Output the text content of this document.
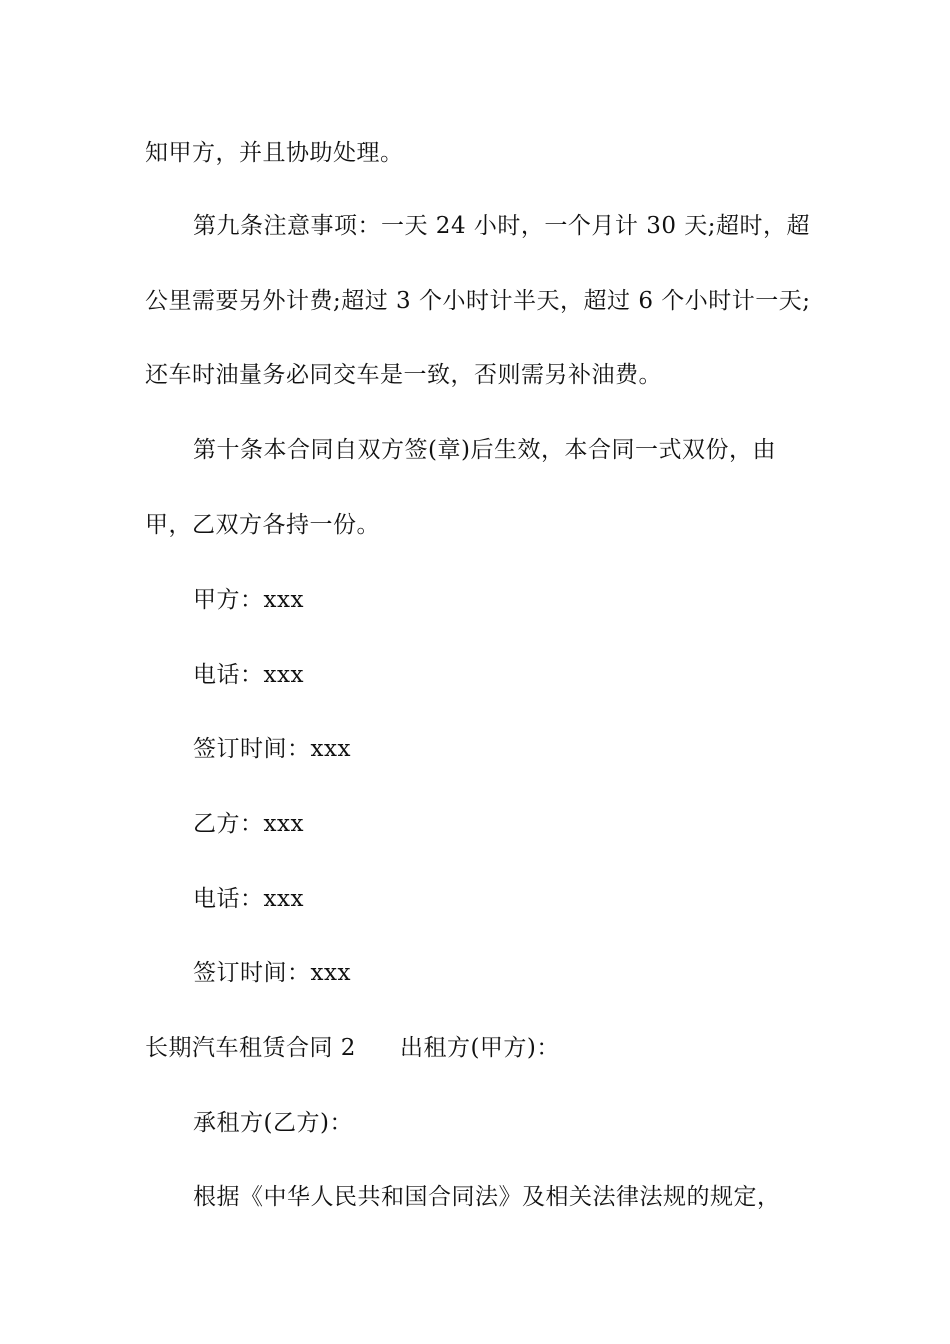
知甲方，并且协助处理。
第九条注意事项：一天 24 小时，一个月计 30 天;超时，超
公里需要另外计费;超过 3 个小时计半天，超过 6 个小时计一天;
还车时油量务必同交车是一致，否则需另补油费。
第十条本合同自双方签(章)后生效，本合同一式双份，由
甲，乙双方各持一份。
甲方：xxx
电话：xxx
签订时间：xxx
乙方：xxx
电话：xxx
签订时间：xxx
长期汽车租赁合同 2 出租方(甲方)：
承租方(乙方)：
根据《中华人民共和国合同法》及相关法律法规的规定，
